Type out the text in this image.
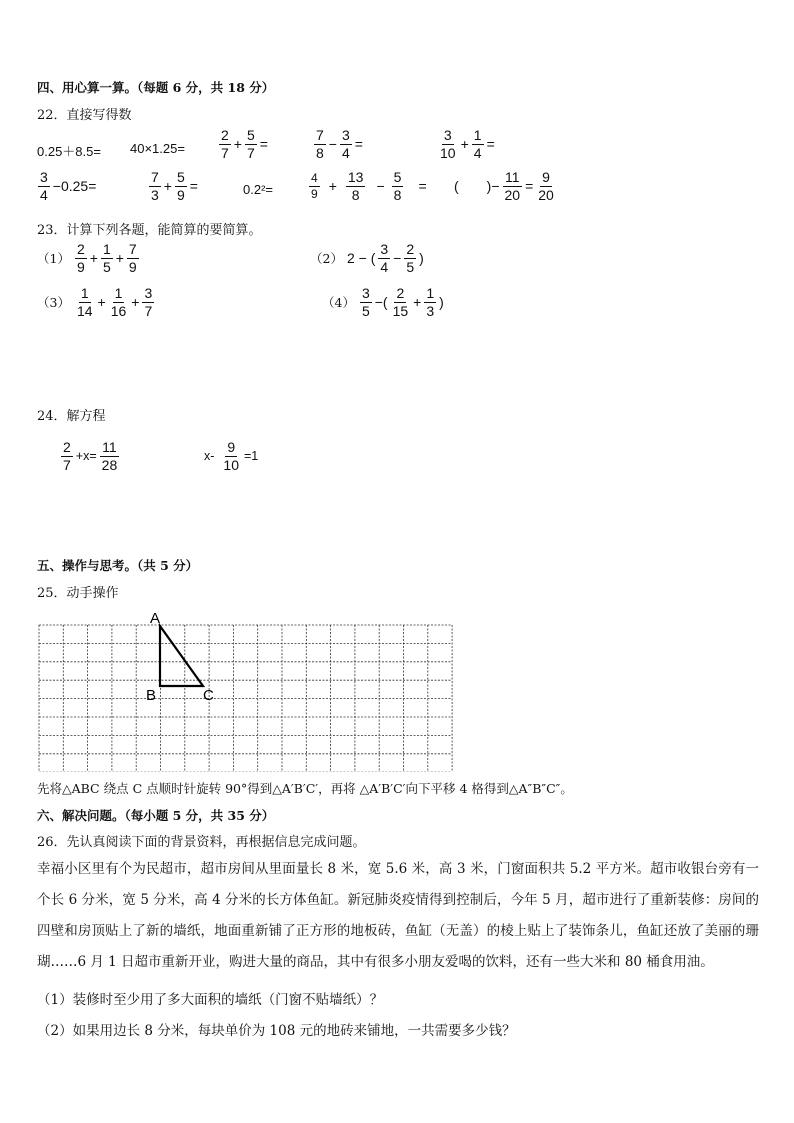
四、用心算一算。（每题 6 分，共 18 分）
22．直接写得数
$0.25+8.5= 40\times 1.25= \frac{2}{7} + \frac{5}{7}$ =	$\frac{7}{8} - \frac{3}{4}$ =	$\frac{3}{10} + \frac{1}{4}$ =
$\frac{3}{4} -0.25=$	$\frac{7}{3} + \frac{5}{9}$ =	0.2²=	$\frac{4}{9} + \frac{13}{8} - \frac{5}{8}$ = (　　)− $\frac{11}{20} = \frac{9}{20}$
23．计算下列各题，能简算的要简算。
$(1) \frac{2}{9} + \frac{1}{5} + \frac{7}{9}$	（2） 2 − ( $\frac{3}{4} - \frac{2}{5}$ )
$(3) \frac{1}{14} + \frac{1}{16} + \frac{3}{7}$	$(4) \frac{3}{5}$ −( $\frac{2}{15} + \frac{1}{3}$ )
24．解方程
$\frac{2}{7} +x= \frac{11}{28}$	$x- \frac{9}{10} =1$
五、操作与思考。（共 5 分）
25．动手操作
A
B	C
先将△ABC 绕点 C 点顺时针旋转 90°得到△A′B′C′，再将 △A′B′C′向下平移 4 格得到△A″B″C″。
六、解决问题。（每小题 5 分，共 35 分）
26．先认真阅读下面的背景资料，再根据信息完成问题。
幸福小区里有个为民超市，超市房间从里面量长 8 米，宽 5.6 米，高 3 米，门窗面积共 5.2 平方米。超市收银台旁有一个长 6 分米，宽 5 分米，高 4 分米的长方体鱼缸。新冠肺炎疫情得到控制后，今年 5 月，超市进行了重新装修：房间的四壁和房顶贴上了新的墙纸，地面重新铺了正方形的地板砖，鱼缸（无盖）的棱上贴上了装饰条儿，鱼缸还放了美丽的珊瑚……6 月 1 日超市重新开业，购进大量的商品，其中有很多小朋友爱喝的饮料，还有一些大米和 80 桶食用油。
（1）装修时至少用了多大面积的墙纸（门窗不贴墙纸）？
（2）如果用边长 8 分米，每块单价为 108 元的地砖来铺地，一共需要多少钱？
